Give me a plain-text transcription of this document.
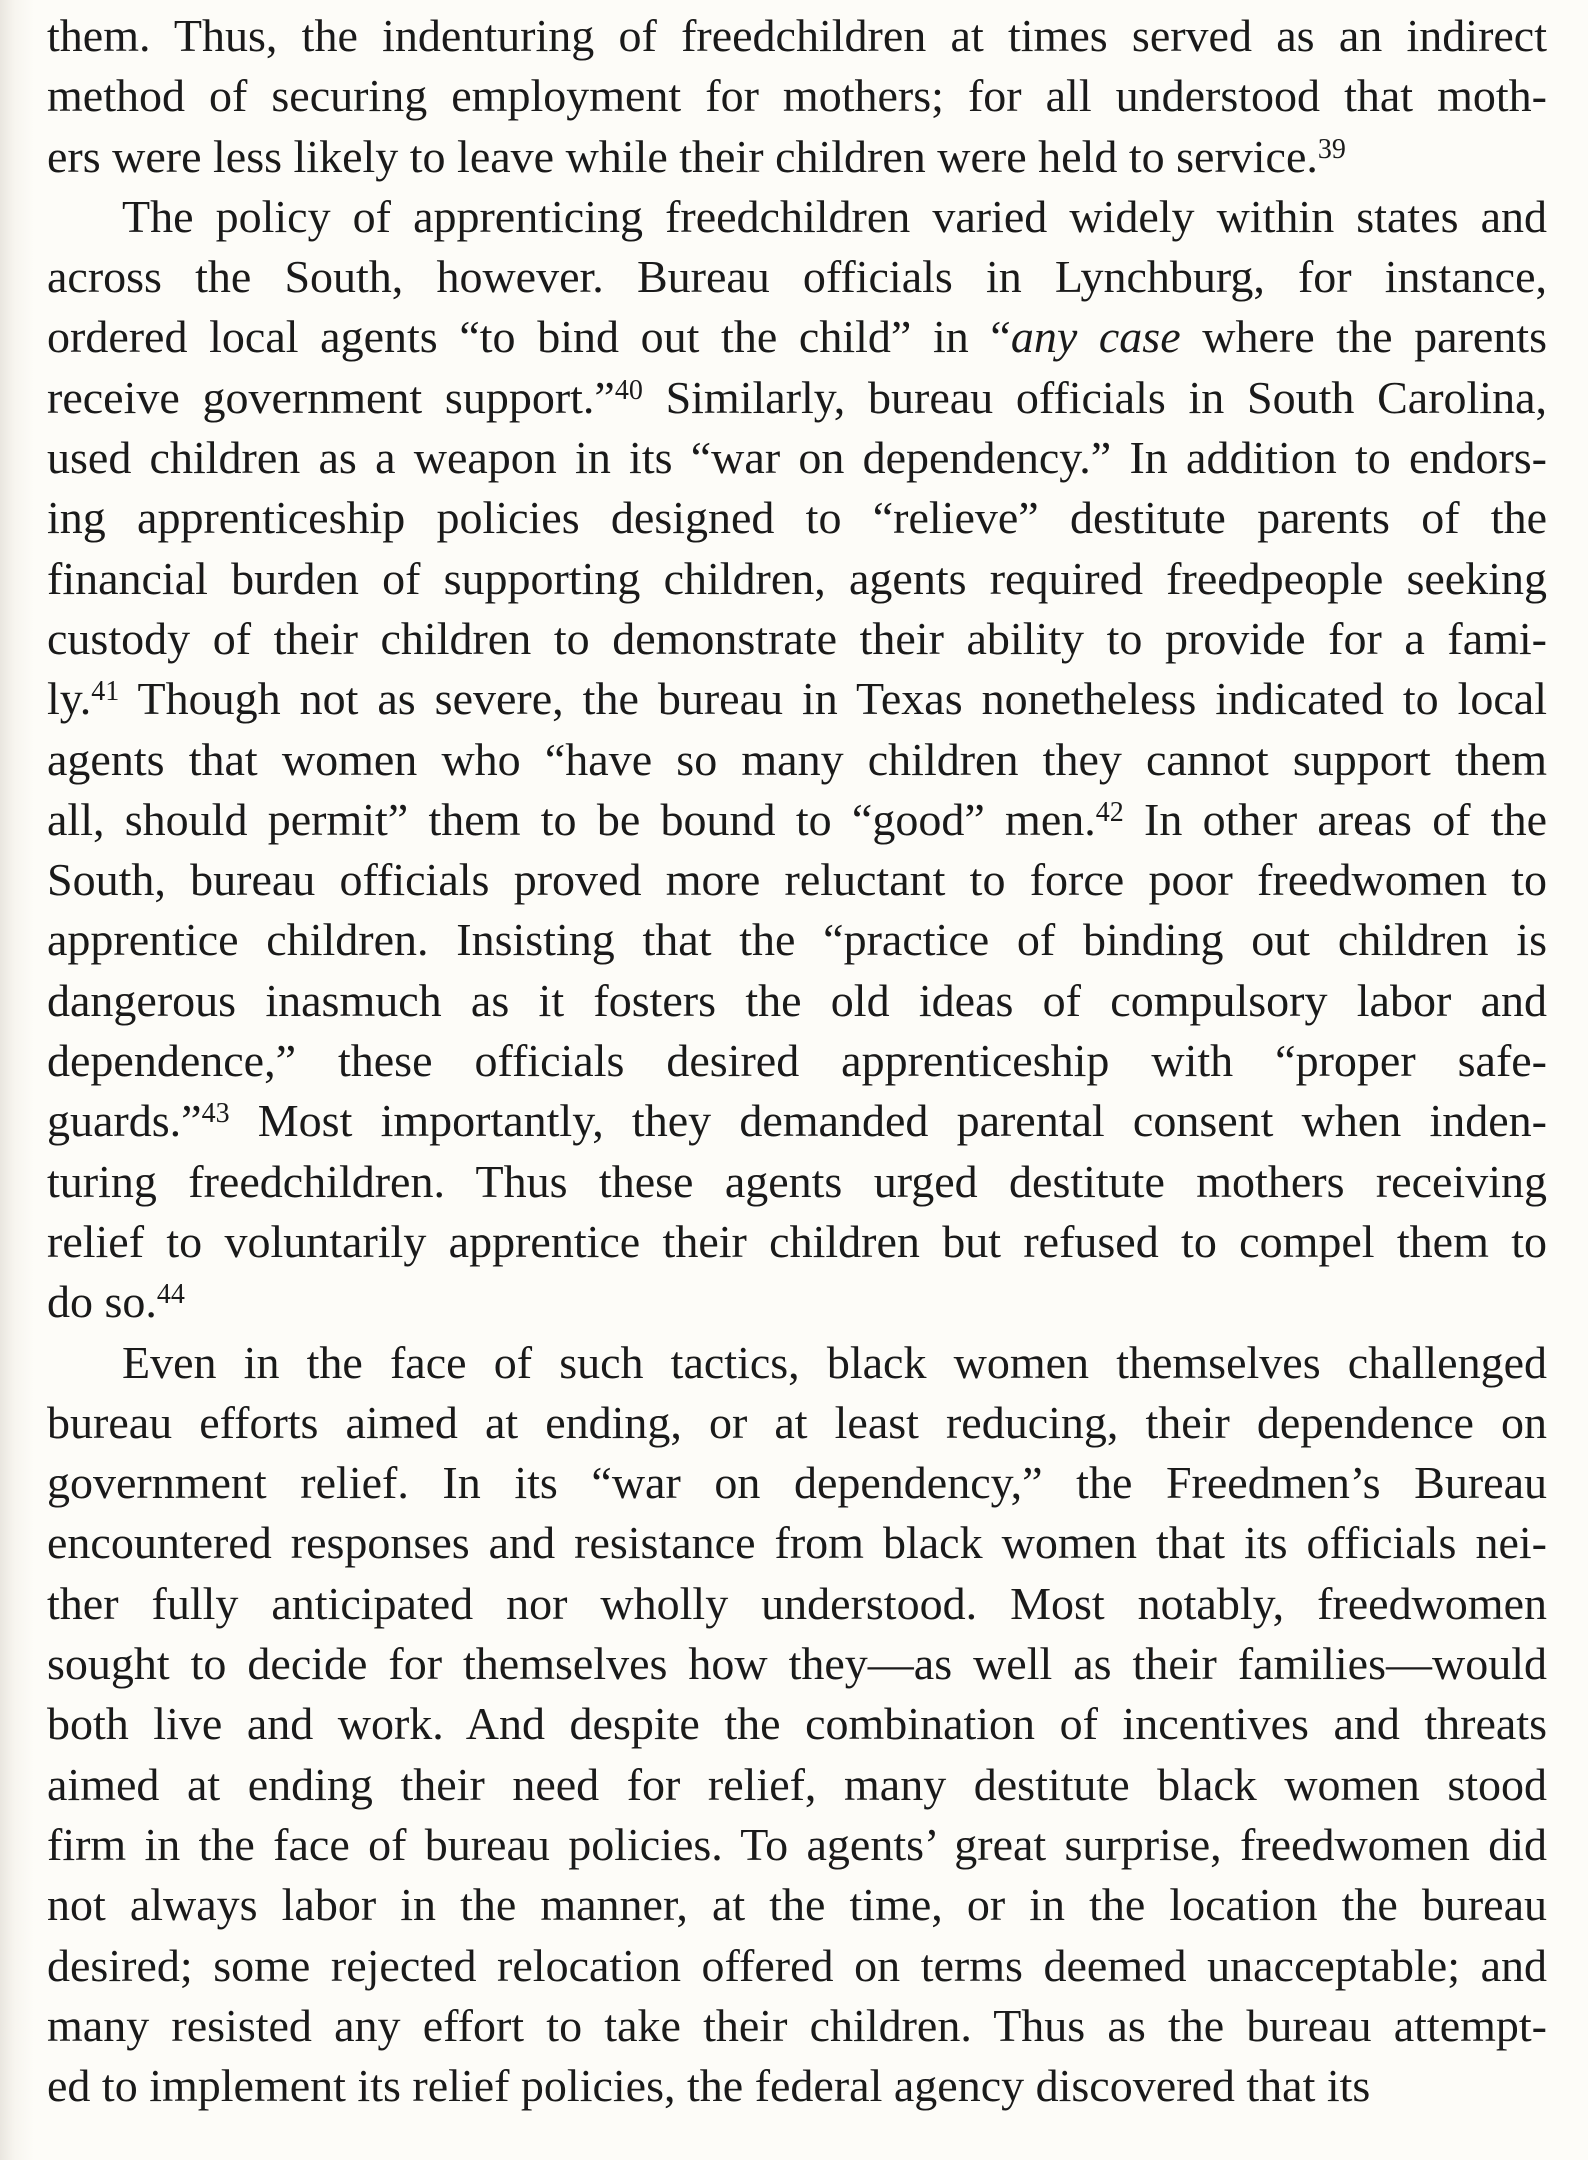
them. Thus, the indenturing of freedchildren at times served as an indirect
method of securing employment for mothers; for all understood that moth-
ers were less likely to leave while their children were held to service.$^{39}$
The policy of apprenticing freedchildren varied widely within states and
across the South, however. Bureau officials in Lynchburg, for instance,
ordered local agents “to bind out the child” in “any case where the parents
receive government support.”$^{40}$ Similarly, bureau officials in South Carolina,
used children as a weapon in its “war on dependency.” In addition to endors-
ing apprenticeship policies designed to “relieve” destitute parents of the
financial burden of supporting children, agents required freedpeople seeking
custody of their children to demonstrate their ability to provide for a fami-
ly.$^{41}$ Though not as severe, the bureau in Texas nonetheless indicated to local
agents that women who “have so many children they cannot support them
all, should permit” them to be bound to “good” men.$^{42}$ In other areas of the
South, bureau officials proved more reluctant to force poor freedwomen to
apprentice children. Insisting that the “practice of binding out children is
dangerous inasmuch as it fosters the old ideas of compulsory labor and
dependence,” these officials desired apprenticeship with “proper safe-
guards.”$^{43}$ Most importantly, they demanded parental consent when inden-
turing freedchildren. Thus these agents urged destitute mothers receiving
relief to voluntarily apprentice their children but refused to compel them to
do so.$^{44}$
Even in the face of such tactics, black women themselves challenged
bureau efforts aimed at ending, or at least reducing, their dependence on
government relief. In its “war on dependency,” the Freedmen’s Bureau
encountered responses and resistance from black women that its officials nei-
ther fully anticipated nor wholly understood. Most notably, freedwomen
sought to decide for themselves how they—as well as their families—would
both live and work. And despite the combination of incentives and threats
aimed at ending their need for relief, many destitute black women stood
firm in the face of bureau policies. To agents’ great surprise, freedwomen did
not always labor in the manner, at the time, or in the location the bureau
desired; some rejected relocation offered on terms deemed unacceptable; and
many resisted any effort to take their children. Thus as the bureau attempt-
ed to implement its relief policies, the federal agency discovered that its
